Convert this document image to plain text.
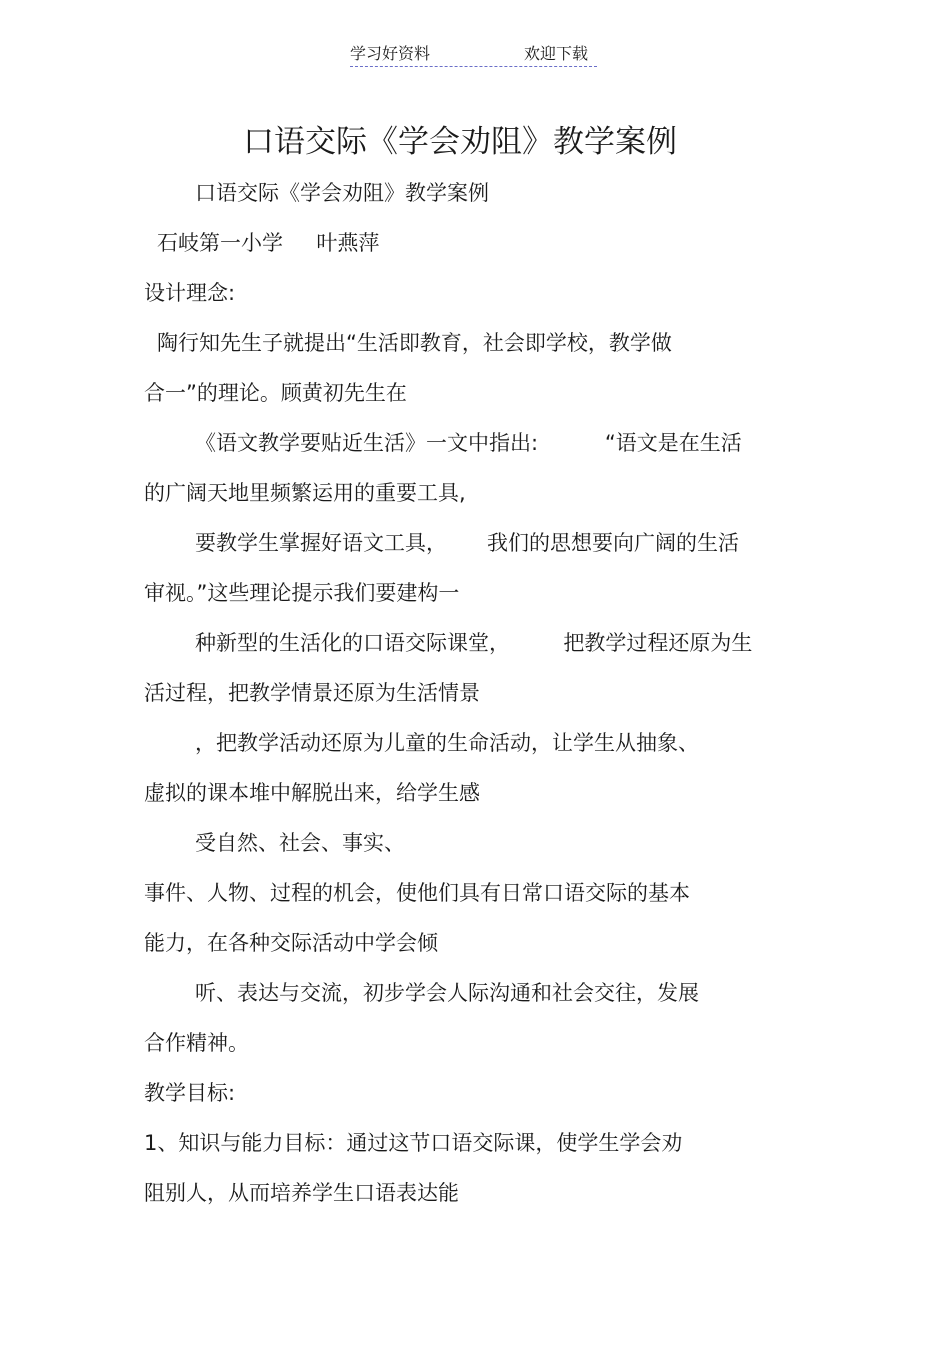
学习好资料	欢迎下载
口语交际《学会劝阻》教学案例
口语交际《学会劝阻》教学案例
石岐第一小学     叶燕萍
设计理念:
陶行知先生子就提出“生活即教育，社会即学校，教学做
合一”的理论。顾黄初先生在
《语文教学要贴近生活》一文中指出:          “语文是在生活
的广阔天地里频繁运用的重要工具,
要教学生掌握好语文工具，      我们的思想要向广阔的生活
审视。”这些理论提示我们要建构一
种新型的生活化的口语交际课堂，        把教学过程还原为生
活过程，把教学情景还原为生活情景
，把教学活动还原为儿童的生命活动，让学生从抽象、
虚拟的课本堆中解脱出来，给学生感
受自然、社会、事实、
事件、人物、过程的机会，使他们具有日常口语交际的基本
能力，在各种交际活动中学会倾
听、表达与交流，初步学会人际沟通和社会交往，发展
合作精神。
教学目标:
1、知识与能力目标：通过这节口语交际课，使学生学会劝
阻别人，从而培养学生口语表达能
